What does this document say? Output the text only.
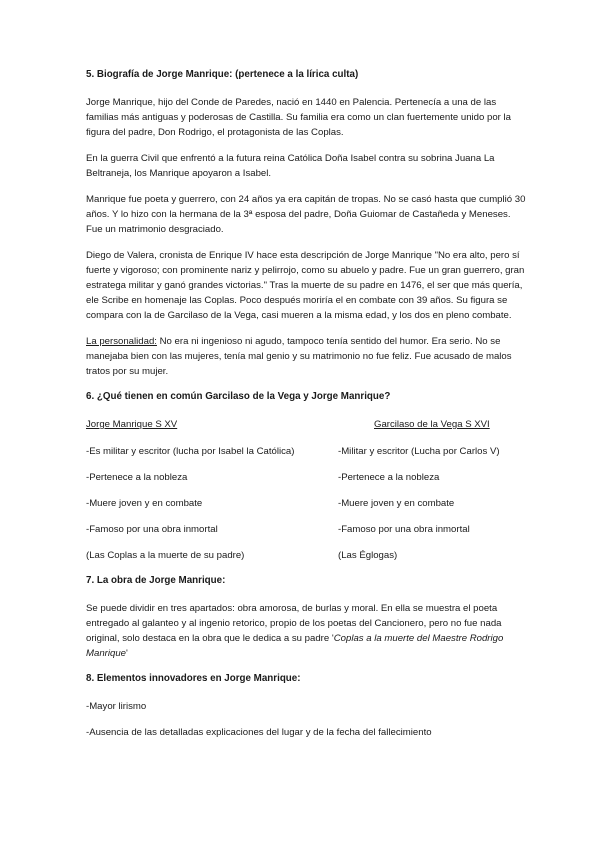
5. Biografía de Jorge Manrique: (pertenece a la lírica culta)

Jorge Manrique, hijo del Conde de Paredes, nació en 1440 en Palencia. Pertenecía a una de las familias más antiguas y poderosas de Castilla. Su familia era como un clan fuertemente unido por la figura del padre, Don Rodrigo, el protagonista de las Coplas.

En la guerra Civil que enfrentó a la futura reina Católica Doña Isabel contra su sobrina Juana La Beltraneja, los Manrique apoyaron a Isabel.

Manrique fue poeta y guerrero, con 24 años ya era capitán de tropas. No se casó hasta que cumplió 30 años. Y lo hizo con la hermana de la 3ª esposa del padre, Doña Guiomar de Castañeda y Meneses. Fue un matrimonio desgraciado.

Diego de Valera, cronista de Enrique IV hace esta descripción de Jorge Manrique "No era alto, pero sí fuerte y vigoroso; con prominente nariz y pelirrojo, como su abuelo y padre. Fue un gran guerrero, gran estratega militar y ganó grandes victorias." Tras la muerte de su padre en 1476, el ser que más quería, ele Scribe en homenaje las Coplas. Poco después moriría el en combate con 39 años. Su figura se compara con la de Garcilaso de la Vega, casi mueren a la misma edad, y los dos en pleno combate.

La personalidad: No era ni ingenioso ni agudo, tampoco tenía sentido del humor. Era serio. No se manejaba bien con las mujeres, tenía mal genio y su matrimonio no fue feliz. Fue acusado de malos tratos por su mujer.

6. ¿Qué tienen en común Garcilaso de la Vega y Jorge Manrique?
Jorge Manrique S XV	Garcilaso de la Vega S XVI
-Es militar y escritor (lucha por Isabel la Católica)	-Militar y escritor (Lucha por Carlos V)
-Pertenece a la nobleza	-Pertenece a la nobleza
-Muere joven y en combate	-Muere joven y en combate
-Famoso por una obra inmortal	-Famoso por una obra inmortal
(Las Coplas a la muerte de su padre)	(Las Églogas)
7. La obra de Jorge Manrique:

Se puede dividir en tres apartados: obra amorosa, de burlas y moral. En ella se muestra el poeta entregado al galanteo y al ingenio retorico, propio de los poetas del Cancionero, pero no fue nada original, solo destaca en la obra que le dedica a su padre 'Coplas a la muerte del Maestre Rodrigo Manrique'

8. Elementos innovadores en Jorge Manrique:

-Mayor lirismo

-Ausencia de las detalladas explicaciones del lugar y de la fecha del fallecimiento
